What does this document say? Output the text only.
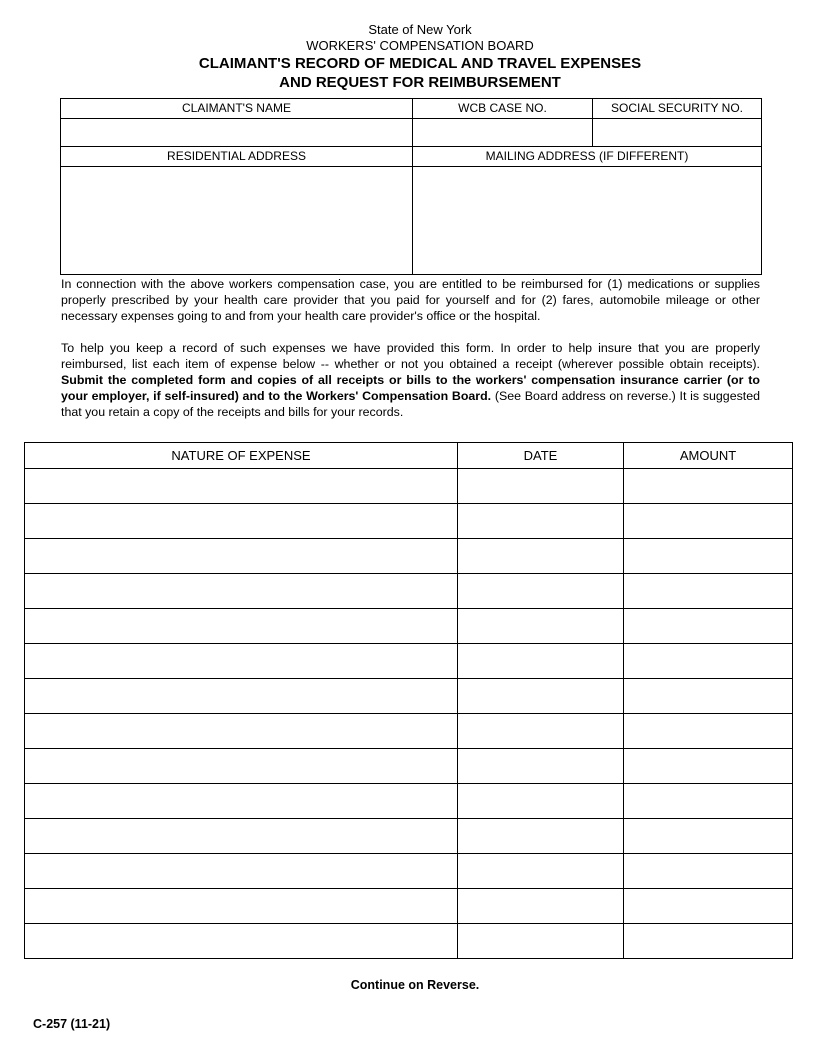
State of New York
WORKERS' COMPENSATION BOARD
CLAIMANT'S RECORD OF MEDICAL AND TRAVEL EXPENSES
AND REQUEST FOR REIMBURSEMENT
CLAIMANT'S NAME	WCB CASE NO.	SOCIAL SECURITY NO.

RESIDENTIAL ADDRESS	MAILING ADDRESS (IF DIFFERENT)	

In connection with the above workers compensation case, you are entitled to be reimbursed for (1) medications or supplies properly prescribed by your health care provider that you paid for yourself and for (2) fares, automobile mileage or other necessary expenses going to and from your health care provider's office or the hospital.

To help you keep a record of such expenses we have provided this form. In order to help insure that you are properly reimbursed, list each item of expense below -- whether or not you obtained a receipt (wherever possible obtain receipts). Submit the completed form and copies of all receipts or bills to the workers' compensation insurance carrier (or to your employer, if self-insured) and to the Workers' Compensation Board. (See Board address on reverse.) It is suggested that you retain a copy of the receipts and bills for your records.

NATURE OF EXPENSE	DATE	AMOUNT

Continue on Reverse.
C-257 (11-21)
